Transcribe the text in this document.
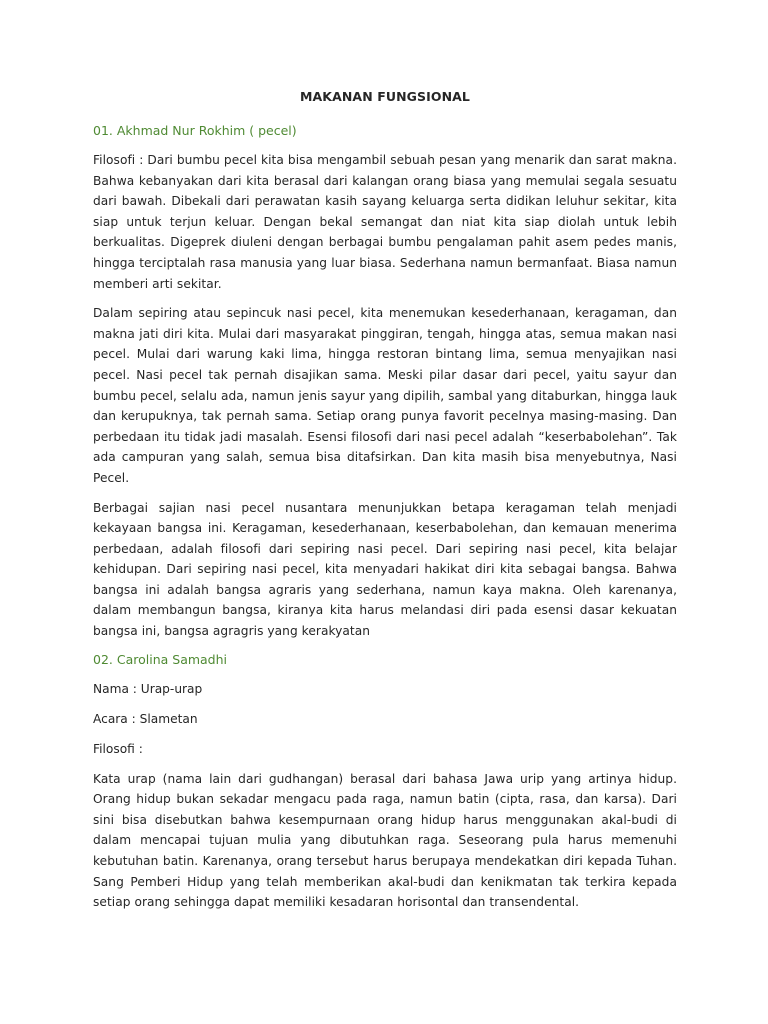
MAKANAN FUNGSIONAL
01. Akhmad Nur Rokhim ( pecel)

Filosofi : Dari bumbu pecel kita bisa mengambil sebuah pesan yang menarik dan sarat makna. Bahwa kebanyakan dari kita berasal dari kalangan orang biasa yang memulai segala sesuatu dari bawah. Dibekali dari perawatan kasih sayang keluarga serta didikan leluhur sekitar, kita siap untuk terjun keluar. Dengan bekal semangat dan niat kita siap diolah untuk lebih berkualitas. Digeprek diuleni dengan berbagai bumbu pengalaman pahit asem pedes manis, hingga terciptalah rasa manusia yang luar biasa. Sederhana namun bermanfaat. Biasa namun memberi arti sekitar.

Dalam sepiring atau sepincuk nasi pecel, kita menemukan kesederhanaan, keragaman, dan makna jati diri kita. Mulai dari masyarakat pinggiran, tengah, hingga atas, semua makan nasi pecel. Mulai dari warung kaki lima, hingga restoran bintang lima, semua menyajikan nasi pecel. Nasi pecel tak pernah disajikan sama. Meski pilar dasar dari pecel, yaitu sayur dan bumbu pecel, selalu ada, namun jenis sayur yang dipilih, sambal yang ditaburkan, hingga lauk dan kerupuknya, tak pernah sama. Setiap orang punya favorit pecelnya masing-masing. Dan perbedaan itu tidak jadi masalah. Esensi filosofi dari nasi pecel adalah “keserbabolehan”. Tak ada campuran yang salah, semua bisa ditafsirkan. Dan kita masih bisa menyebutnya, Nasi Pecel.

Berbagai sajian nasi pecel nusantara menunjukkan betapa keragaman telah menjadi kekayaan bangsa ini. Keragaman, kesederhanaan, keserbabolehan, dan kemauan menerima perbedaan, adalah filosofi dari sepiring nasi pecel. Dari sepiring nasi pecel, kita belajar kehidupan. Dari sepiring nasi pecel, kita menyadari hakikat diri kita sebagai bangsa. Bahwa bangsa ini adalah bangsa agraris yang sederhana, namun kaya makna. Oleh karenanya, dalam membangun bangsa, kiranya kita harus melandasi diri pada esensi dasar kekuatan bangsa ini, bangsa agragris yang kerakyatan

02. Carolina Samadhi

Nama : Urap-urap

Acara : Slametan

Filosofi :

Kata urap (nama lain dari gudhangan) berasal dari bahasa Jawa urip yang artinya hidup. Orang hidup bukan sekadar mengacu pada raga, namun batin (cipta, rasa, dan karsa). Dari sini bisa disebutkan bahwa kesempurnaan orang hidup harus menggunakan akal-budi di dalam mencapai tujuan mulia yang dibutuhkan raga. Seseorang pula harus memenuhi kebutuhan batin. Karenanya, orang tersebut harus berupaya mendekatkan diri kepada Tuhan. Sang Pemberi Hidup yang telah memberikan akal-budi dan kenikmatan tak terkira kepada setiap orang sehingga dapat memiliki kesadaran horisontal dan transendental.
